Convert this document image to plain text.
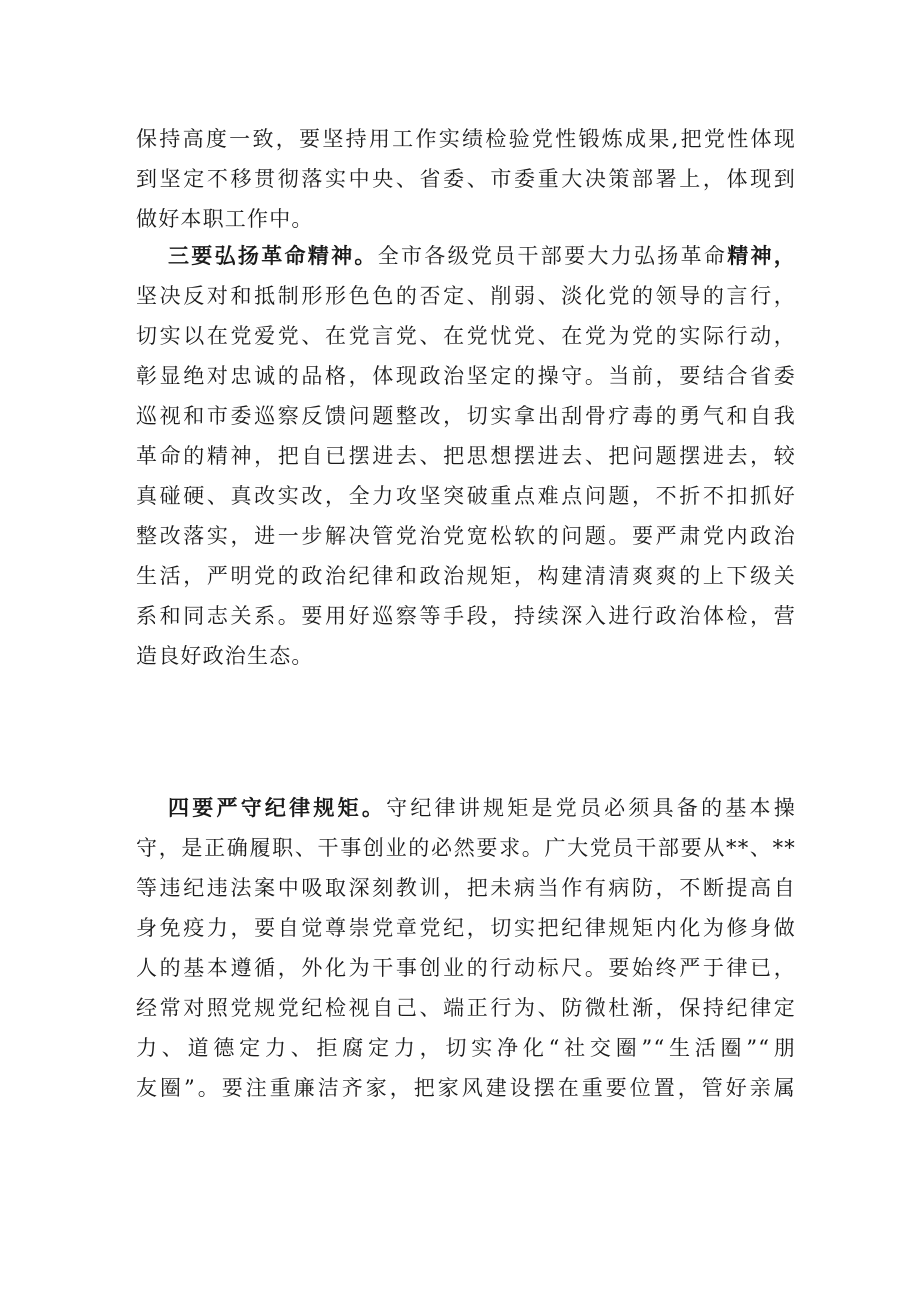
保持高度一致，要坚持用工作实绩检验党性锻炼成果,把党性体现
到坚定不移贯彻落实中央、省委、市委重大决策部署上，体现到
做好本职工作中。
三要弘扬革命精神。全市各级党员干部要大力弘扬革命精神，
坚决反对和抵制形形色色的否定、削弱、淡化党的领导的言行，
切实以在党爱党、在党言党、在党忧党、在党为党的实际行动，
彰显绝对忠诚的品格，体现政治坚定的操守。当前，要结合省委
巡视和市委巡察反馈问题整改，切实拿出刮骨疗毒的勇气和自我
革命的精神，把自已摆进去、把思想摆进去、把问题摆进去，较
真碰硬、真改实改，全力攻坚突破重点难点问题，不折不扣抓好
整改落实，进一步解决管党治党宽松软的问题。要严肃党内政治
生活，严明党的政治纪律和政治规矩，构建清清爽爽的上下级关
系和同志关系。要用好巡察等手段，持续深入进行政治体检，营
造良好政治生态。
四要严守纪律规矩。守纪律讲规矩是党员必须具备的基本操
守，是正确履职、干事创业的必然要求。广大党员干部要从**、**
等违纪违法案中吸取深刻教训，把未病当作有病防，不断提高自
身免疫力，要自觉尊崇党章党纪，切实把纪律规矩内化为修身做
人的基本遵循，外化为干事创业的行动标尺。要始终严于律已，
经常对照党规党纪检视自己、端正行为、防微杜渐，保持纪律定
力、道德定力、拒腐定力，切实净化“社交圈”“生活圈”“朋
友圈”。要注重廉洁齐家，把家风建设摆在重要位置，管好亲属
